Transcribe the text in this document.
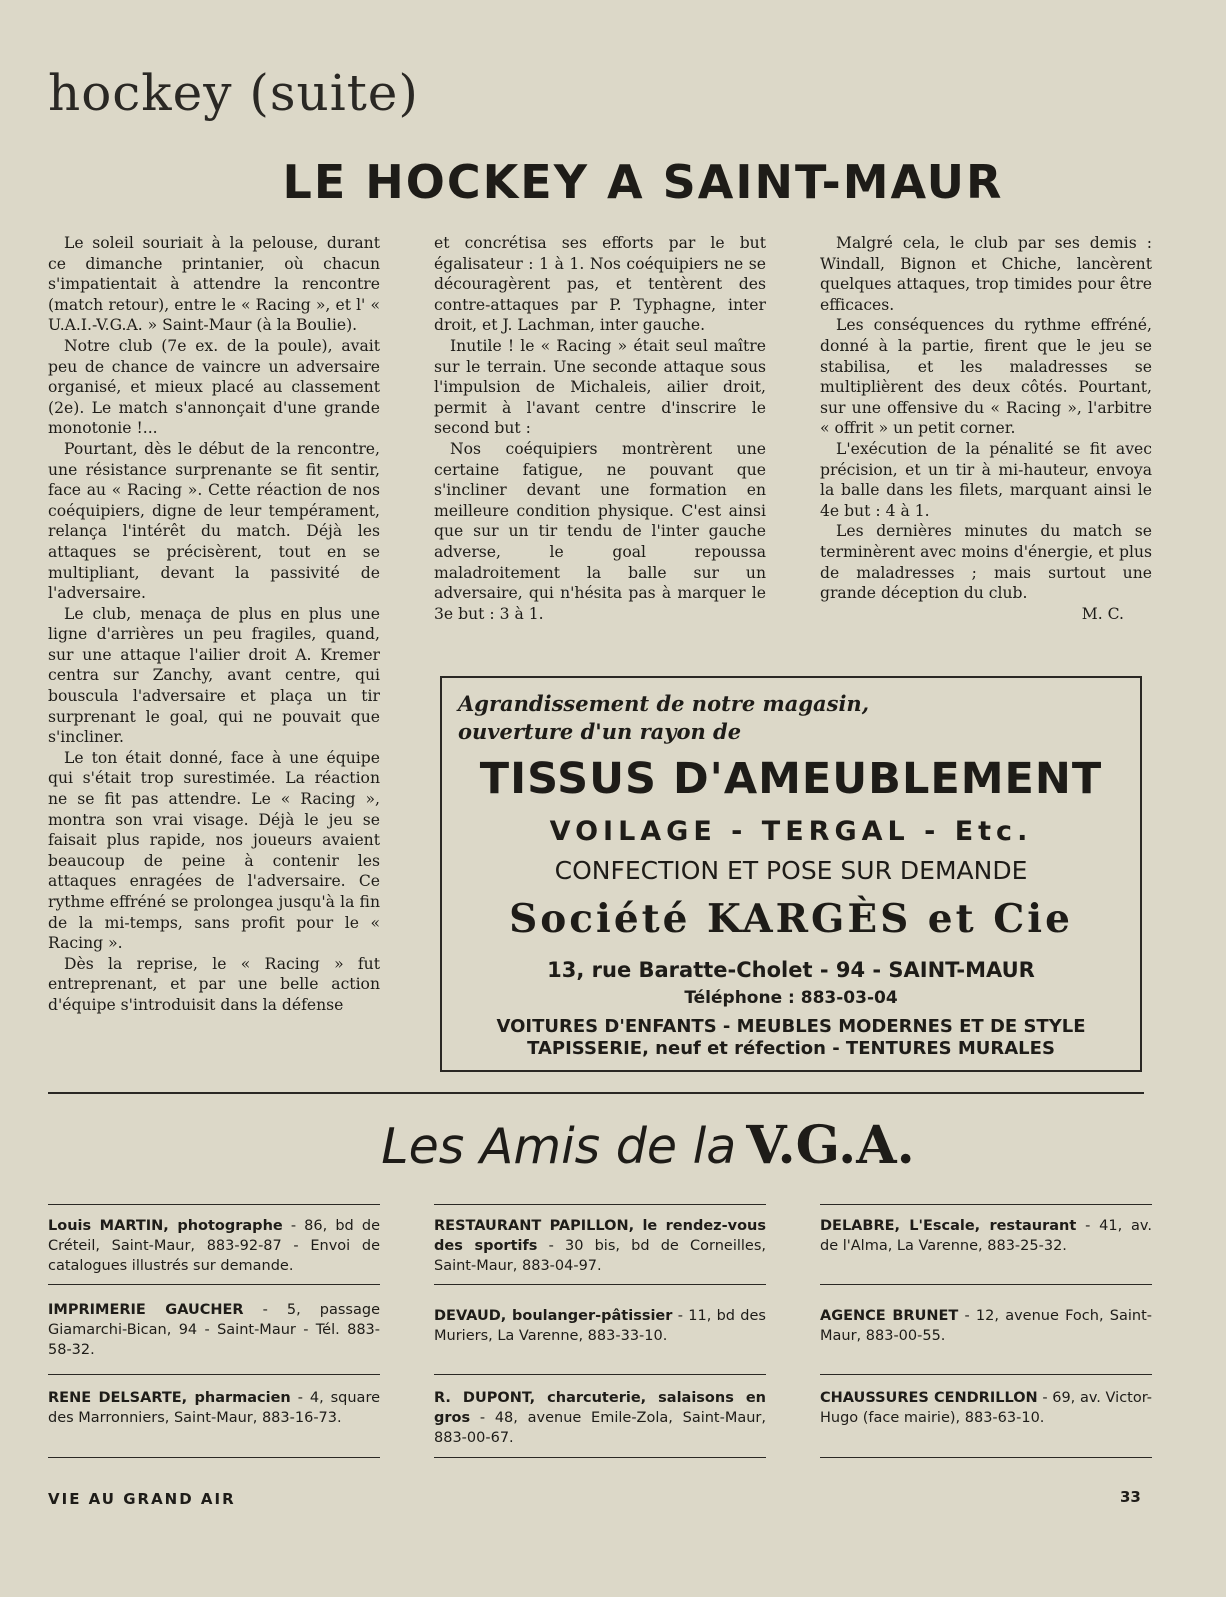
hockey (suite)
LE HOCKEY A SAINT-MAUR

Le soleil souriait à la pelouse, durant ce dimanche printanier, où chacun s'impatientait à attendre la rencontre (match retour), entre le « Racing », et l' « U.A.I.-V.G.A. » Saint-Maur (à la Boulie).

Notre club (7e ex. de la poule), avait peu de chance de vaincre un adversaire organisé, et mieux placé au classement (2e). Le match s'annonçait d'une grande monotonie !...

Pourtant, dès le début de la rencontre, une résistance surprenante se fit sentir, face au « Racing ». Cette réaction de nos coéquipiers, digne de leur tempérament, relança l'intérêt du match. Déjà les attaques se précisèrent, tout en se multipliant, devant la passivité de l'adversaire.

Le club, menaça de plus en plus une ligne d'arrières un peu fragiles, quand, sur une attaque l'ailier droit A. Kremer centra sur Zanchy, avant centre, qui bouscula l'adversaire et plaça un tir surprenant le goal, qui ne pouvait que s'incliner.

Le ton était donné, face à une équipe qui s'était trop surestimée. La réaction ne se fit pas attendre. Le « Racing », montra son vrai visage. Déjà le jeu se faisait plus rapide, nos joueurs avaient beaucoup de peine à contenir les attaques enragées de l'adversaire. Ce rythme effréné se prolongea jusqu'à la fin de la mi-temps, sans profit pour le « Racing ».

Dès la reprise, le « Racing » fut entreprenant, et par une belle action d'équipe s'introduisit dans la défense

et concrétisa ses efforts par le but égalisateur : 1 à 1. Nos coéquipiers ne se découragèrent pas, et tentèrent des contre-attaques par P. Typhagne, inter droit, et J. Lachman, inter gauche.

Inutile ! le « Racing » était seul maître sur le terrain. Une seconde attaque sous l'impulsion de Michaleis, ailier droit, permit à l'avant centre d'inscrire le second but :

Nos coéquipiers montrèrent une certaine fatigue, ne pouvant que s'incliner devant une formation en meilleure condition physique. C'est ainsi que sur un tir tendu de l'inter gauche adverse, le goal repoussa maladroitement la balle sur un adversaire, qui n'hésita pas à marquer le 3e but : 3 à 1.

Malgré cela, le club par ses demis : Windall, Bignon et Chiche, lancèrent quelques attaques, trop timides pour être efficaces.

Les conséquences du rythme effréné, donné à la partie, firent que le jeu se stabilisa, et les maladresses se multiplièrent des deux côtés. Pourtant, sur une offensive du « Racing », l'arbitre « offrit » un petit corner.

L'exécution de la pénalité se fit avec précision, et un tir à mi-hauteur, envoya la balle dans les filets, marquant ainsi le 4e but : 4 à 1.

Les dernières minutes du match se terminèrent avec moins d'énergie, et plus de maladresses ; mais surtout une grande déception du club.

M. C.

Agrandissement de notre magasin,
ouverture d'un rayon de
TISSUS D'AMEUBLEMENT
VOILAGE - TERGAL - Etc.
CONFECTION ET POSE SUR DEMANDE
Société KARGÈS et Cie
13, rue Baratte-Cholet - 94 - SAINT-MAUR
Téléphone : 883-03-04
VOITURES D'ENFANTS - MEUBLES MODERNES ET DE STYLE
TAPISSERIE, neuf et réfection - TENTURES MURALES
Les Amis de la V.G.A.
Louis MARTIN, photographe - 86, bd de Créteil, Saint-Maur, 883-92-87 - Envoi de catalogues illustrés sur demande.
RESTAURANT PAPILLON, le rendez-vous des sportifs - 30 bis, bd de Corneilles, Saint-Maur, 883-04-97.
DELABRE, L'Escale, restaurant - 41, av. de l'Alma, La Varenne, 883-25-32.
IMPRIMERIE GAUCHER - 5, passage Giamarchi-Bican, 94 - Saint-Maur - Tél. 883-58-32.
DEVAUD, boulanger-pâtissier - 11, bd des Muriers, La Varenne, 883-33-10.
AGENCE BRUNET - 12, avenue Foch, Saint-Maur, 883-00-55.
RENE DELSARTE, pharmacien - 4, square des Marronniers, Saint-Maur, 883-16-73.
R. DUPONT, charcuterie, salaisons en gros - 48, avenue Emile-Zola, Saint-Maur, 883-00-67.
CHAUSSURES CENDRILLON - 69, av. Victor-Hugo (face mairie), 883-63-10.
VIE AU GRAND AIR	33
